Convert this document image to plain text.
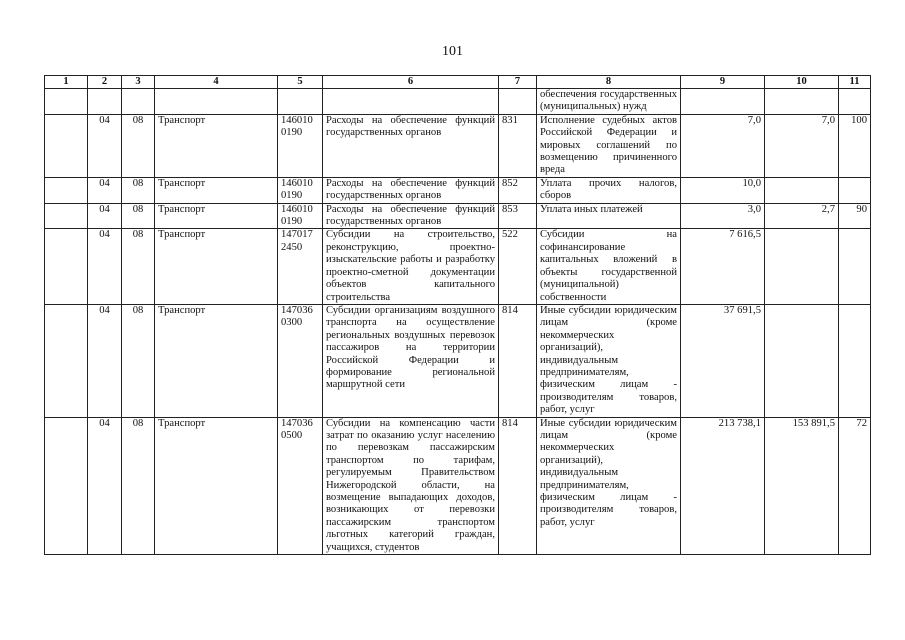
101
1	2	3	4	5	6	7	8	9	10	11
							обеспечения государственных (муниципальных) нужд			
	04	08	Транспорт	146010 0190	Расходы на обеспечение функций государственных органов	831	Исполнение судебных актов Российской Федерации и мировых соглашений по возмещению причиненного вреда	7,0	7,0	100
	04	08	Транспорт	146010 0190	Расходы на обеспечение функций государственных органов	852	Уплата прочих налогов, сборов	10,0		
	04	08	Транспорт	146010 0190	Расходы на обеспечение функций государственных органов	853	Уплата иных платежей	3,0	2,7	90
	04	08	Транспорт	147017 2450	Субсидии на строительство, реконструкцию, проектно-изыскательские работы и разработку проектно-сметной документации объектов капитального строительства	522	Субсидии на софинансирование капитальных вложений в объекты государственной (муниципальной) собственности	7 616,5		
	04	08	Транспорт	147036 0300	Субсидии организациям воздушного транспорта на осуществление региональных воздушных перевозок пассажиров на территории Российской Федерации и формирование региональной маршрутной сети	814	Иные субсидии юридическим лицам (кроме некоммерческих организаций), индивидуальным предпринимателям, физическим лицам - производителям товаров, работ, услуг	37 691,5		
	04	08	Транспорт	147036 0500	Субсидии на компенсацию части затрат по оказанию услуг населению по перевозкам пассажирским транспортом по тарифам, регулируемым Правительством Нижегородской области, на возмещение выпадающих доходов, возникающих от перевозки пассажирским транспортом льготных категорий граждан, учащихся, студентов	814	Иные субсидии юридическим лицам (кроме некоммерческих организаций), индивидуальным предпринимателям, физическим лицам - производителям товаров, работ, услуг	213 738,1	153 891,5	72
